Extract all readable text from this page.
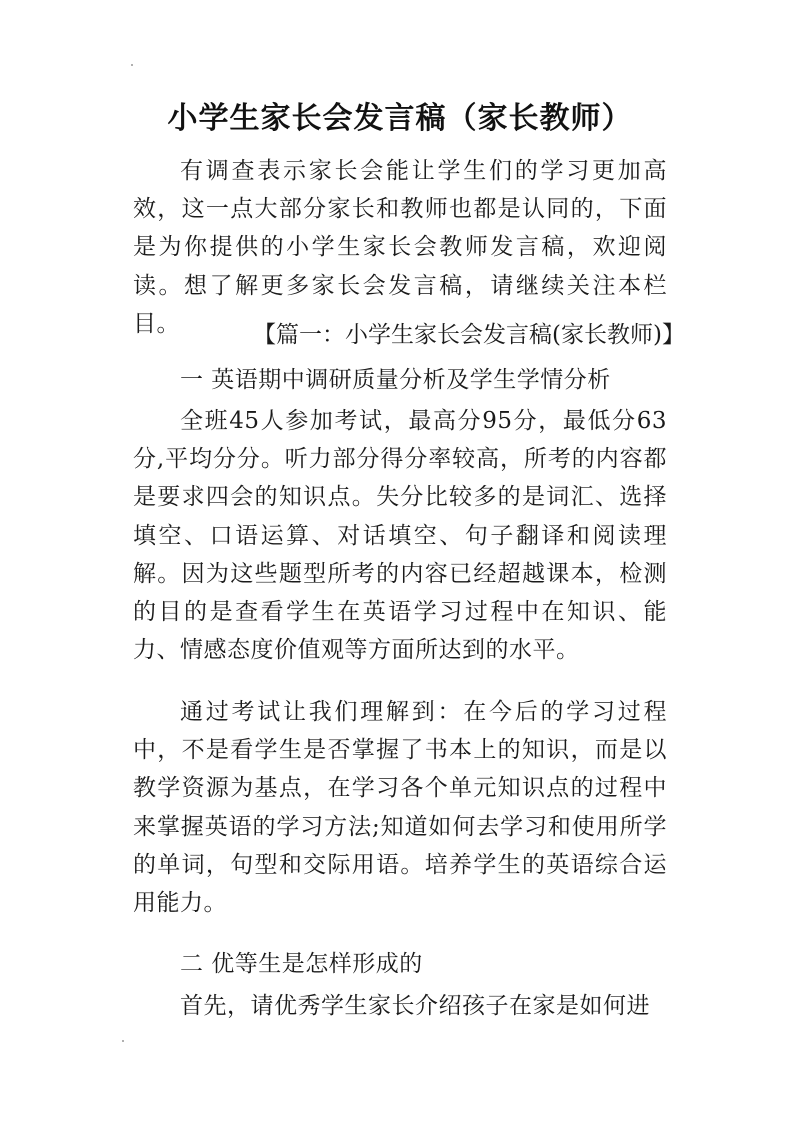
小学生家长会发言稿（家长教师）

有调查表示家长会能让学生们的学习更加高效，这一点大部分家长和教师也都是认同的，下面是为你提供的小学生家长会教师发言稿，欢迎阅读。想了解更多家长会发言稿，请继续关注本栏目。	【篇一：小学生家长会发言稿(家长教师)】

一 英语期中调研质量分析及学生学情分析

全班45人参加考试，最高分95分，最低分63分,平均分分。听力部分得分率较高，所考的内容都是要求四会的知识点。失分比较多的是词汇、选择填空、口语运算、对话填空、句子翻译和阅读理解。因为这些题型所考的内容已经超越课本，检测的目的是查看学生在英语学习过程中在知识、能力、情感态度价值观等方面所达到的水平。

通过考试让我们理解到：在今后的学习过程中，不是看学生是否掌握了书本上的知识，而是以教学资源为基点，在学习各个单元知识点的过程中来掌握英语的学习方法;知道如何去学习和使用所学的单词，句型和交际用语。培养学生的英语综合运用能力。

二 优等生是怎样形成的

首先，请优秀学生家长介绍孩子在家是如何进
